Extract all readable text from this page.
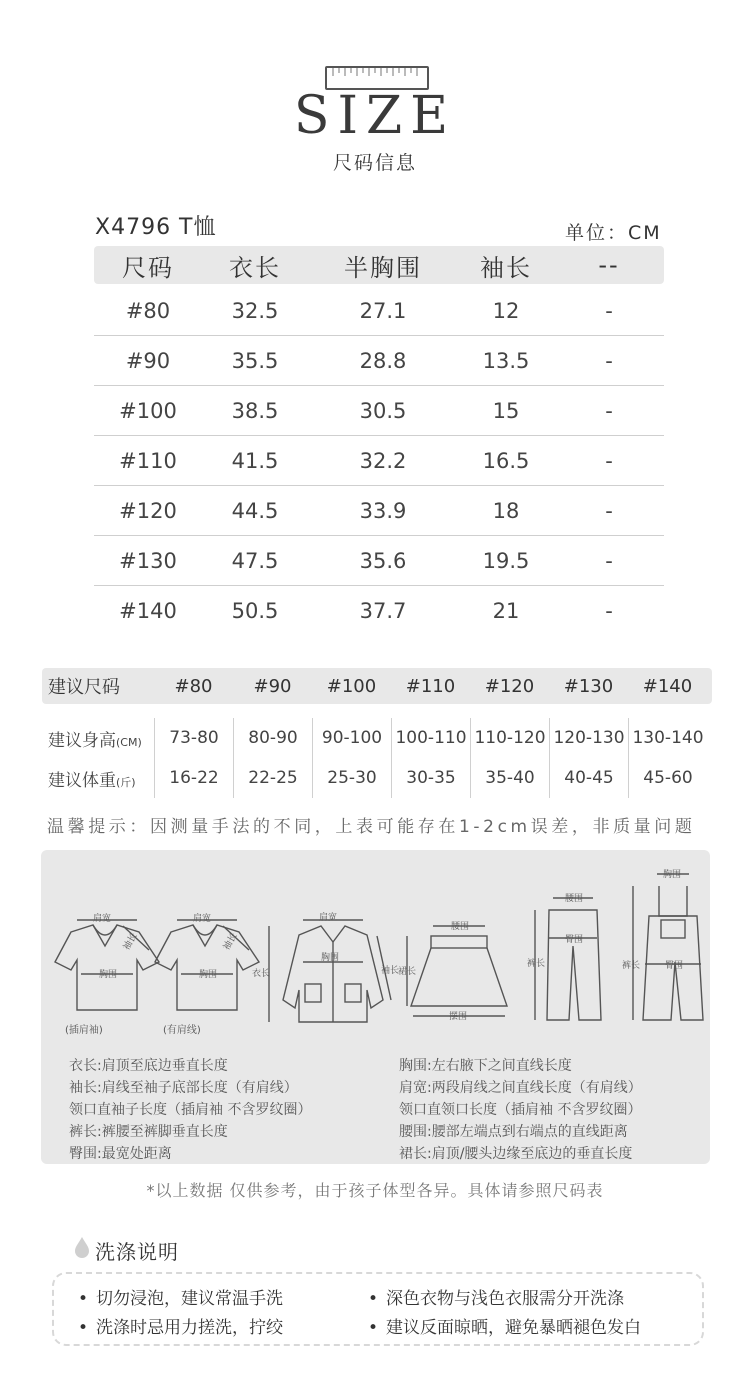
SIZE
尺码信息
X4796 T恤	单位：CM
尺码	衣长	半胸围	袖长	--
#80	32.5	27.1	12	-
#90	35.5	28.8	13.5	-
#100	38.5	30.5	15	-
#110	41.5	32.2	16.5	-
#120	44.5	33.9	18	-
#130	47.5	35.6	19.5	-
#140	50.5	37.7	21	-
建议尺码	#80	#90	#100	#110	#120	#130	#140
建议身高(CM)	73-80	80-90	90-100 100-110 110-120 120-130 130-140
建议体重(斤)	16-22	22-25	25-30	30-35	35-40	40-45	45-60
温馨提示：因测量手法的不同，上表可能存在1-2cm误差，非质量问题
肩宽
胸围
袖长
(插肩袖)
肩宽
胸围
袖长
(有肩线)
肩宽
胸围
衣长	袖长
腰围
裙长
摆围
腰围
裤长
臀围
胸围
裤长	臀围
衣长:肩顶至底边垂直长度
袖长:肩线至袖子底部长度（有肩线）
领口直袖子长度（插肩袖 不含罗纹圈）
裤长:裤腰至裤脚垂直长度
臀围:最宽处距离
胸围:左右腋下之间直线长度
肩宽:两段肩线之间直线长度（有肩线）
领口直领口长度（插肩袖 不含罗纹圈）
腰围:腰部左端点到右端点的直线距离
裙长:肩顶/腰头边缘至底边的垂直长度
*以上数据 仅供参考，由于孩子体型各异。具体请参照尺码表
洗涤说明
• 切勿浸泡，建议常温手洗	• 深色衣物与浅色衣服需分开洗涤
• 洗涤时忌用力搓洗，拧绞	• 建议反面晾晒，避免暴晒褪色发白
